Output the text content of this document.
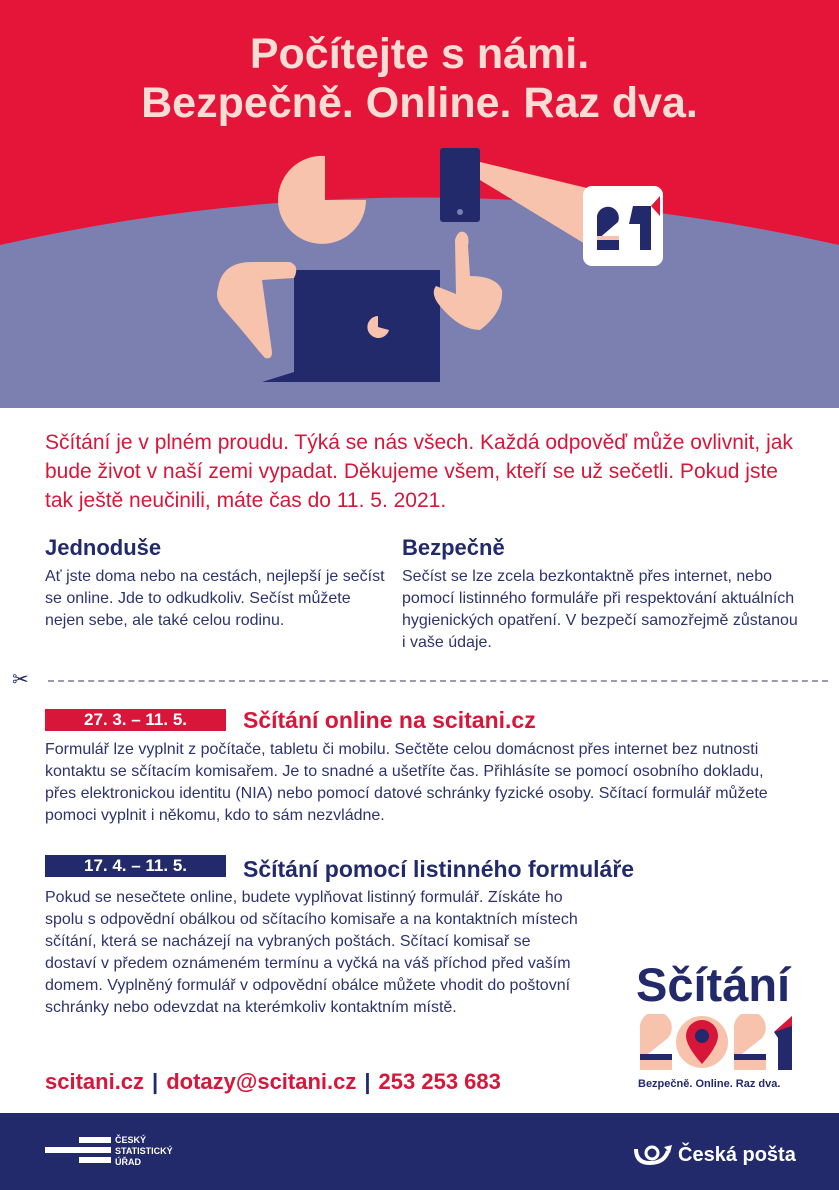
Počítejte s námi.
Bezpečně. Online. Raz dva.

Sčítání je v plném proudu. Týká se nás všech. Každá odpověď může ovlivnit, jak bude život v naší zemi vypadat. Děkujeme všem, kteří se už sečetli. Pokud jste tak ještě neučinili, máte čas do 11. 5. 2021.

Jednoduše

Ať jste doma nebo na cestách, nejlepší je sečíst se online. Jde to odkudkoliv. Sečíst můžete nejen sebe, ale také celou rodinu.

Bezpečně

Sečíst se lze zcela bezkontaktně přes internet, nebo pomocí listinného formuláře při respektování aktuálních hygienických opatření. V bezpečí samozřejmě zůstanou i vaše údaje.

✂
27. 3. – 11. 5.	Sčítání online na scitani.cz

Formulář lze vyplnit z počítače, tabletu či mobilu. Sečtěte celou domácnost přes internet bez nutnosti kontaktu se sčítacím komisařem. Je to snadné a ušetříte čas. Přihlásíte se pomocí osobního dokladu, přes elektronickou identitu (NIA) nebo pomocí datové schránky fyzické osoby. Sčítací formulář můžete pomoci vyplnit i někomu, kdo to sám nezvládne.

17. 4. – 11. 5.	Sčítání pomocí listinného formuláře

Pokud se nesečtete online, budete vyplňovat listinný formulář. Získáte ho spolu s odpovědní obálkou od sčítacího komisaře a na kontaktních místech sčítání, která se nacházejí na vybraných poštách. Sčítací komisař se dostaví v předem oznámeném termínu a vyčká na váš příchod před vaším domem. Vyplněný formulář v odpovědní obálce můžete vhodit do poštovní schránky nebo odevzdat na kterémkoliv kontaktním místě.

scitani.cz | dotazy@scitani.cz | 253 253 683
Sčítání
Bezpečně. Online. Raz dva.
ČESKÝ
STATISTICKÝ
ÚŘAD	Česká pošta
